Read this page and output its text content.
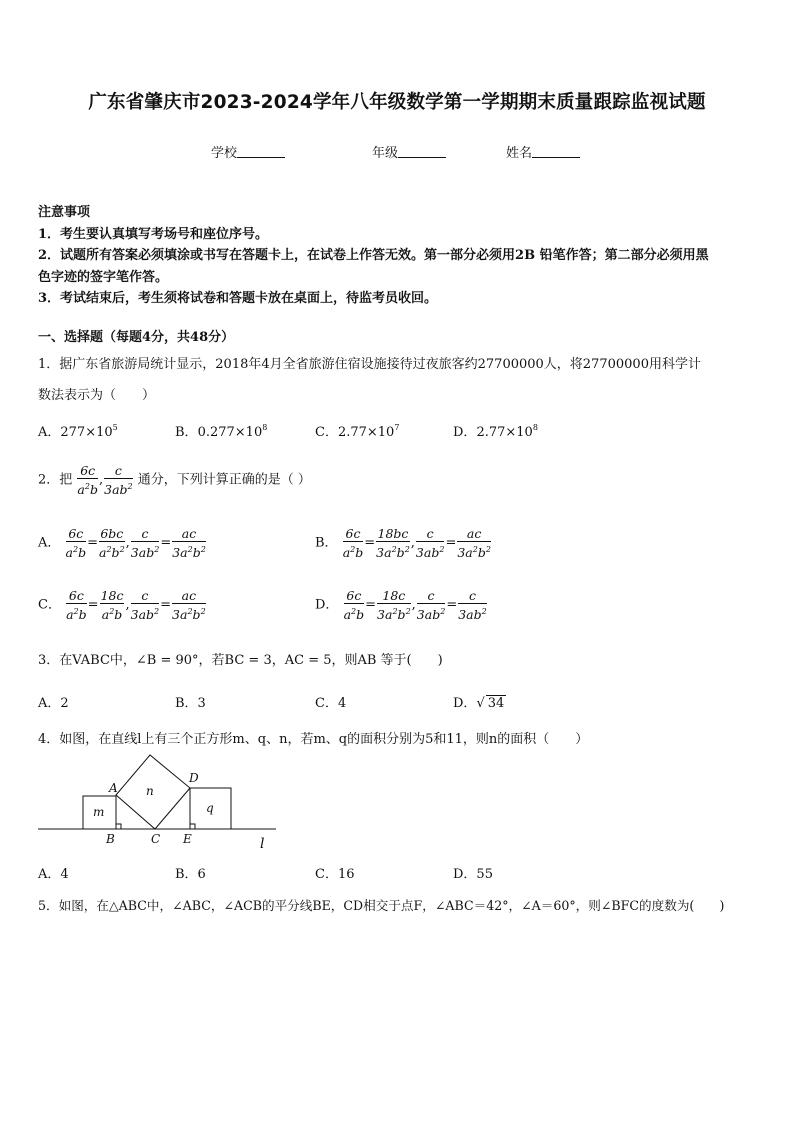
广东省肇庆市2023-2024学年八年级数学第一学期期末质量跟踪监视试题
学校	年级	姓名
注意事项
1．考生要认真填写考场号和座位序号。
2．试题所有答案必须填涂或书写在答题卡上，在试卷上作答无效。第一部分必须用2B 铅笔作答；第二部分必须用黑
色字迹的签字笔作答。
3．考试结束后，考生须将试卷和答题卡放在桌面上，待监考员收回。
一、选择题（每题4分，共48分）
1．据广东省旅游局统计显示，2018年4月全省旅游住宿设施接待过夜旅客约27700000人，将27700000用科学计
数法表示为（　　）
A．$277\times 10^5$	B．$0.277\times 10^8$	C．$2.77\times 10^7$	D．$2.77\times 10^8$
2．把 $\frac{6c}{a^2b}$ , $\frac{c}{3ab^2}$ 通分，下列计算正确的是（ ）
A． $\frac{6c}{a^2b} = \frac{6bc}{a^2b^2}$ , $\frac{c}{3ab^2} = \frac{ac}{3a^2b^2}$	B． $\frac{6c}{a^2b} = \frac{18bc}{3a^2b^2}$ , $\frac{c}{3ab^2} = \frac{ac}{3a^2b^2}$
C． $\frac{6c}{a^2b} = \frac{18c}{a^2b}$ , $\frac{c}{3ab^2} = \frac{ac}{3a^2b^2}$	D． $\frac{6c}{a^2b} = \frac{18c}{3a^2b^2}$ , $\frac{c}{3ab^2} = \frac{c}{3ab^2}$
3．在VABC中，∠B = 90°，若BC = 3，AC = 5，则AB 等于(　　)
A．2	B．3	C．4	D．√ 34
4．如图，在直线l上有三个正方形m、q、n，若m、q的面积分别为5和11，则n的面积（　　）
A
B	C
D
E
m
n
q
l
A．4	B．6	C．16	D．55
5．如图，在△ABC中，∠ABC，∠ACB的平分线BE，CD相交于点F，∠ABC＝42°，∠A＝60°，则∠BFC的度数为(　　)
